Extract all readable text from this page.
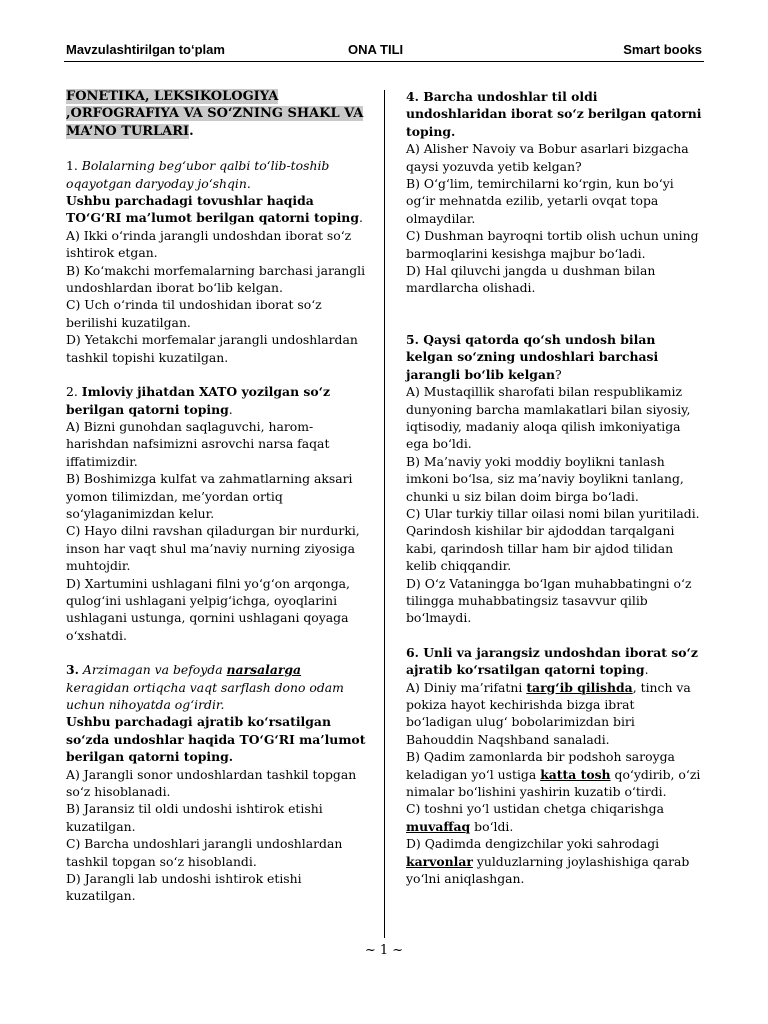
Mavzulashtirilgan to‘plam	ONA TILI	Smart books

FONETIKA, LEKSIKOLOGIYA ,ORFOGRAFIYA VA SO‘ZNING SHAKL VA MA’NO TURLARI.

1. Bolalarning beg‘ubor qalbi to‘lib-toshib oqayotgan daryoday jo‘shqin.

Ushbu parchadagi tovushlar haqida TO‘G‘RI ma’lumot berilgan qatorni toping.

A) Ikki o‘rinda jarangli undoshdan iborat so‘z ishtirok etgan.

B) Ko‘makchi morfemalarning barchasi jarangli undoshlardan iborat bo‘lib kelgan.

C) Uch o‘rinda til undoshidan iborat so‘z berilishi kuzatilgan.

D) Yetakchi morfemalar jarangli undoshlardan tashkil topishi kuzatilgan.

2. Imloviy jihatdan XATO yozilgan so‘z berilgan qatorni toping.

A) Bizni gunohdan saqlaguvchi, harom-harishdan nafsimizni asrovchi narsa faqat iffatimizdir.

B) Boshimizga kulfat va zahmatlarning aksari yomon tilimizdan, me’yordan ortiq so‘ylaganimizdan kelur.

C) Hayo dilni ravshan qiladurgan bir nurdurki, inson har vaqt shul ma’naviy nurning ziyosiga muhtojdir.

D) Xartumini ushlagani filni yo‘g‘on arqonga, qulog‘ini ushlagani yelpig‘ichga, oyoqlarini ushlagani ustunga, qornini ushlagani qoyaga o‘xshatdi.

3. Arzimagan va befoyda narsalarga keragidan ortiqcha vaqt sarflash dono odam uchun nihoyatda og‘irdir.

Ushbu parchadagi ajratib ko‘rsatilgan so‘zda undoshlar haqida TO‘G‘RI ma’lumot berilgan qatorni toping.

A) Jarangli sonor undoshlardan tashkil topgan so‘z hisoblanadi.

B) Jaransiz til oldi undoshi ishtirok etishi kuzatilgan.

C) Barcha undoshlari jarangli undoshlardan tashkil topgan so‘z hisoblandi.

D) Jarangli lab undoshi ishtirok etishi kuzatilgan.

4. Barcha undoshlar til oldi undoshlaridan iborat so‘z berilgan qatorni toping.

A) Alisher Navoiy va Bobur asarlari bizgacha qaysi yozuvda yetib kelgan?

B) O‘g‘lim, temirchilarni ko‘rgin, kun bo‘yi og‘ir mehnatda ezilib, yetarli ovqat topa olmaydilar.

C) Dushman bayroqni tortib olish uchun uning barmoqlarini kesishga majbur bo‘ladi.

D) Hal qiluvchi jangda u dushman bilan mardlarcha olishadi.

5. Qaysi qatorda qo‘sh undosh bilan kelgan so‘zning undoshlari barchasi jarangli bo‘lib kelgan?

A) Mustaqillik sharofati bilan respublikamiz dunyoning barcha mamlakatlari bilan siyosiy, iqtisodiy, madaniy aloqa qilish imkoniyatiga ega bo‘ldi.

B) Ma’naviy yoki moddiy boylikni tanlash imkoni bo‘lsa, siz ma’naviy boylikni tanlang, chunki u siz bilan doim birga bo‘ladi.

C) Ular turkiy tillar oilasi nomi bilan yuritiladi. Qarindosh kishilar bir ajdoddan tarqalgani kabi, qarindosh tillar ham bir ajdod tilidan kelib chiqqandir.

D) O‘z Vataningga bo‘lgan muhabbatingni o‘z tilingga muhabbatingsiz tasavvur qilib bo‘lmaydi.

6. Unli va jarangsiz undoshdan iborat so‘z ajratib ko‘rsatilgan qatorni toping.

A) Diniy ma’rifatni targ‘ib qilishda, tinch va pokiza hayot kechirishda bizga ibrat bo‘ladigan ulug‘ bobolarimizdan biri Bahouddin Naqshband sanaladi.

B) Qadim zamonlarda bir podshoh saroyga keladigan yo‘l ustiga katta tosh qo‘ydirib, o‘zi nimalar bo‘lishini yashirin kuzatib o‘tirdi.

C) toshni yo‘l ustidan chetga chiqarishga muvaffaq bo‘ldi.

D) Qadimda dengizchilar yoki sahrodagi karvonlar yulduzlarning joylashishiga qarab yo‘lni aniqlashgan.

~ 1 ~
